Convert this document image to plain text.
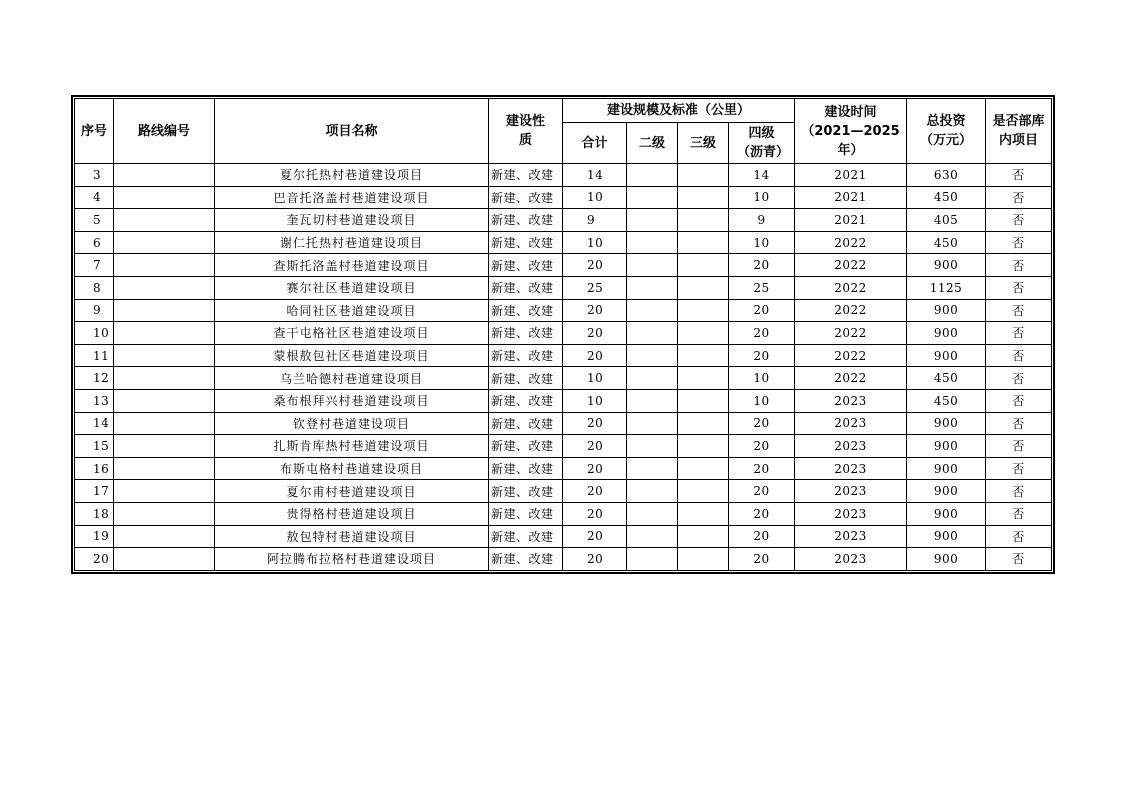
序号	路线编号	项目名称	建设性质	建设规模及标准（公里）				建设时间（2021—2025 年）	总投资（万元）	是否部库内项目
				合计	二级	三级	四级（沥青）			
3		夏尔托热村巷道建设项目	新建、改建	14			14	2021	630	否
4		巴音托洛盖村巷道建设项目	新建、改建	10			10	2021	450	否
5		奎瓦切村巷道建设项目	新建、改建	9			9	2021	405	否
6		谢仁托热村巷道建设项目	新建、改建	10			10	2022	450	否
7		查斯托洛盖村巷道建设项目	新建、改建	20			20	2022	900	否
8		赛尔社区巷道建设项目	新建、改建	25			25	2022	1125	否
9		哈同社区巷道建设项目	新建、改建	20			20	2022	900	否
10		查干屯格社区巷道建设项目	新建、改建	20			20	2022	900	否
11		蒙根敖包社区巷道建设项目	新建、改建	20			20	2022	900	否
12		乌兰哈德村巷道建设项目	新建、改建	10			10	2022	450	否
13		桑布根拜兴村巷道建设项目	新建、改建	10			10	2023	450	否
14		钦登村巷道建设项目	新建、改建	20			20	2023	900	否
15		扎斯肯库热村巷道建设项目	新建、改建	20			20	2023	900	否
16		布斯屯格村巷道建设项目	新建、改建	20			20	2023	900	否
17		夏尔甫村巷道建设项目	新建、改建	20			20	2023	900	否
18		贵得格村巷道建设项目	新建、改建	20			20	2023	900	否
19		敖包特村巷道建设项目	新建、改建	20			20	2023	900	否
20		阿拉腾布拉格村巷道建设项目	新建、改建	20			20	2023	900	否
